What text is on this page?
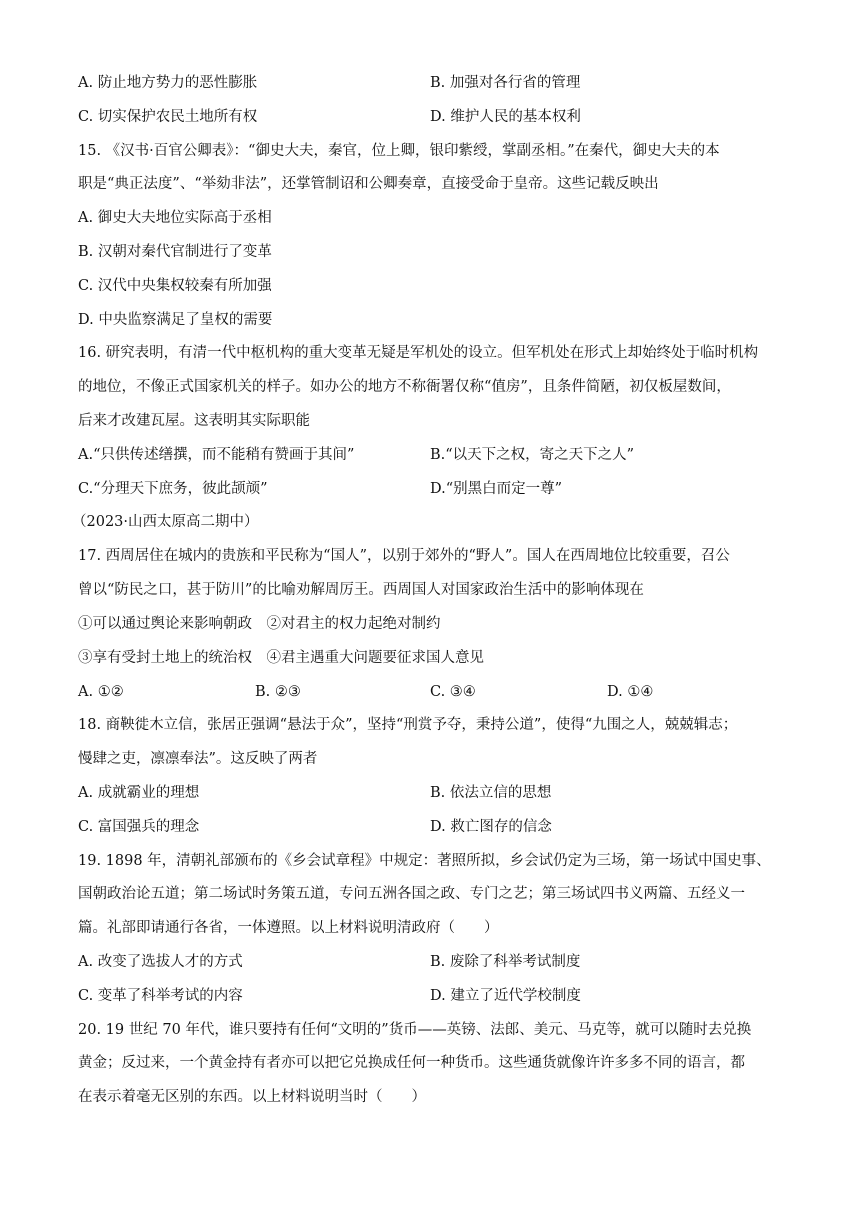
A. 防止地方势力的恶性膨胀	B. 加强对各行省的管理
C. 切实保护农民土地所有权	D. 维护人民的基本权利
15. 《汉书·百官公卿表》：“御史大夫，秦官，位上卿，银印紫绶，掌副丞相。”在秦代，御史大夫的本
职是“典正法度”、“举劾非法”，还掌管制诏和公卿奏章，直接受命于皇帝。这些记载反映出
A. 御史大夫地位实际高于丞相
B. 汉朝对秦代官制进行了变革
C. 汉代中央集权较秦有所加强
D. 中央监察满足了皇权的需要
16. 研究表明，有清一代中枢机构的重大变革无疑是军机处的设立。但军机处在形式上却始终处于临时机构
的地位，不像正式国家机关的样子。如办公的地方不称衙署仅称“值房”，且条件简陋，初仅板屋数间，
后来才改建瓦屋。这表明其实际职能
A.“只供传述缮撰，而不能稍有赞画于其间”	B.“以天下之权，寄之天下之人”
C.“分理天下庶务，彼此颉颃”	D.“别黑白而定一尊”
（2023·山西太原高二期中）
17. 西周居住在城内的贵族和平民称为“国人”，以别于郊外的“野人”。国人在西周地位比较重要，召公
曾以“防民之口，甚于防川”的比喻劝解周厉王。西周国人对国家政治生活中的影响体现在
①可以通过舆论来影响朝政　②对君主的权力起绝对制约
③享有受封土地上的统治权　④君主遇重大问题要征求国人意见
A. ①②	B. ②③	C. ③④	D. ①④
18. 商鞅徙木立信，张居正强调“悬法于众”，坚持“刑赏予夺，秉持公道”，使得“九围之人，兢兢辑志；
慢肆之吏，凛凛奉法”。这反映了两者
A. 成就霸业的理想	B. 依法立信的思想
C. 富国强兵的理念	D. 救亡图存的信念
19. 1898 年，清朝礼部颁布的《乡会试章程》中规定：著照所拟，乡会试仍定为三场，第一场试中国史事、
国朝政治论五道；第二场试时务策五道，专问五洲各国之政、专门之艺；第三场试四书义两篇、五经义一
篇。礼部即请通行各省，一体遵照。以上材料说明清政府（　　）
A. 改变了选拔人才的方式	B. 废除了科举考试制度
C. 变革了科举考试的内容	D. 建立了近代学校制度
20. 19 世纪 70 年代，谁只要持有任何“文明的”货币——英镑、法郎、美元、马克等，就可以随时去兑换
黄金；反过来，一个黄金持有者亦可以把它兑换成任何一种货币。这些通货就像许许多多不同的语言，都
在表示着毫无区别的东西。以上材料说明当时（　　）
